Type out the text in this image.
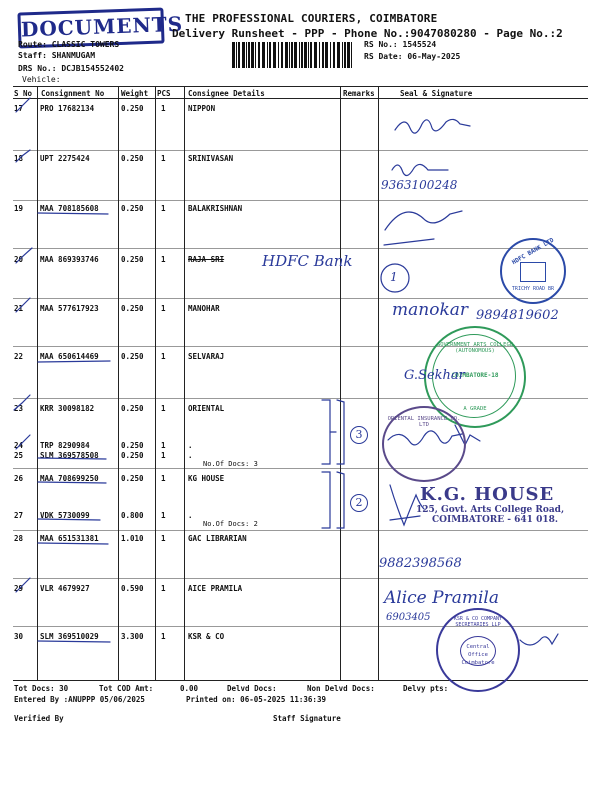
DOCUMENTS THE PROFESSIONAL COURIERS, COIMBATORE
Delivery Runsheet - PPP - Phone No.:9047080280 - Page No.:2
Route: CLASSIC TOWERS
Staff: SHANMUGAM
DRS No.: DCJB154552402
Vehicle:
RS No.: 1545524
RS Date: 06-May-2025
S No Consignment No Weight PCS Consignee Details	Remarks	Seal & Signature
17 PRO 17682134	0.250 1	NIPPON
18 UPT 2275424	0.250 1	SRINIVASAN
19 MAA 708185608	0.250 1	BALAKRISHNAN
20 MAA 869393746	0.250 1	RAJA SRI
21 MAA 577617923	0.250 1	MANOHAR
22 MAA 650614469	0.250 1	SELVARAJ
23 KRR 30098182	0.250 1	ORIENTAL
24 TRP 8290984	0.250 1	.
25 SLM 369578508	0.250 1	.
No.Of Docs: 3
26 MAA 708699250	0.250 1	KG HOUSE
27 VDK 5730099	0.800 1	.
No.Of Docs: 2
28 MAA 651531381	1.010 1	GAC LIBRARIAN
29 VLR 4679927	0.590 1	AICE PRAMILA
30 SLM 369510029	3.300 1	KSR & CO
HDFC Bank
9363100248
1
manokar 9894819602
9882398568
Alice Pramila
6903405
3
2
HDFC BANK LTD
TRICHY ROAD BR
GOVERNMENT ARTS COLLEGE (AUTONOMOUS)
COIMBATORE-18
A GRADE
G.Sekhar
ORIENTAL INSURANCE CO. LTD
K.G. HOUSE
125, Govt. Arts College Road,
COIMBATORE - 641 018.
KSR & CO COMPANY SECRETARIES LLP
Central Office Coimbatore
Tot Docs: 30	Tot COD Amt:	0.00	Delvd Docs:	Non Delvd Docs:	Delvy pts:
Entered By :ANUPPP 05/06/2025	Printed on: 06-05-2025 11:36:39
Verified By	Staff Signature
